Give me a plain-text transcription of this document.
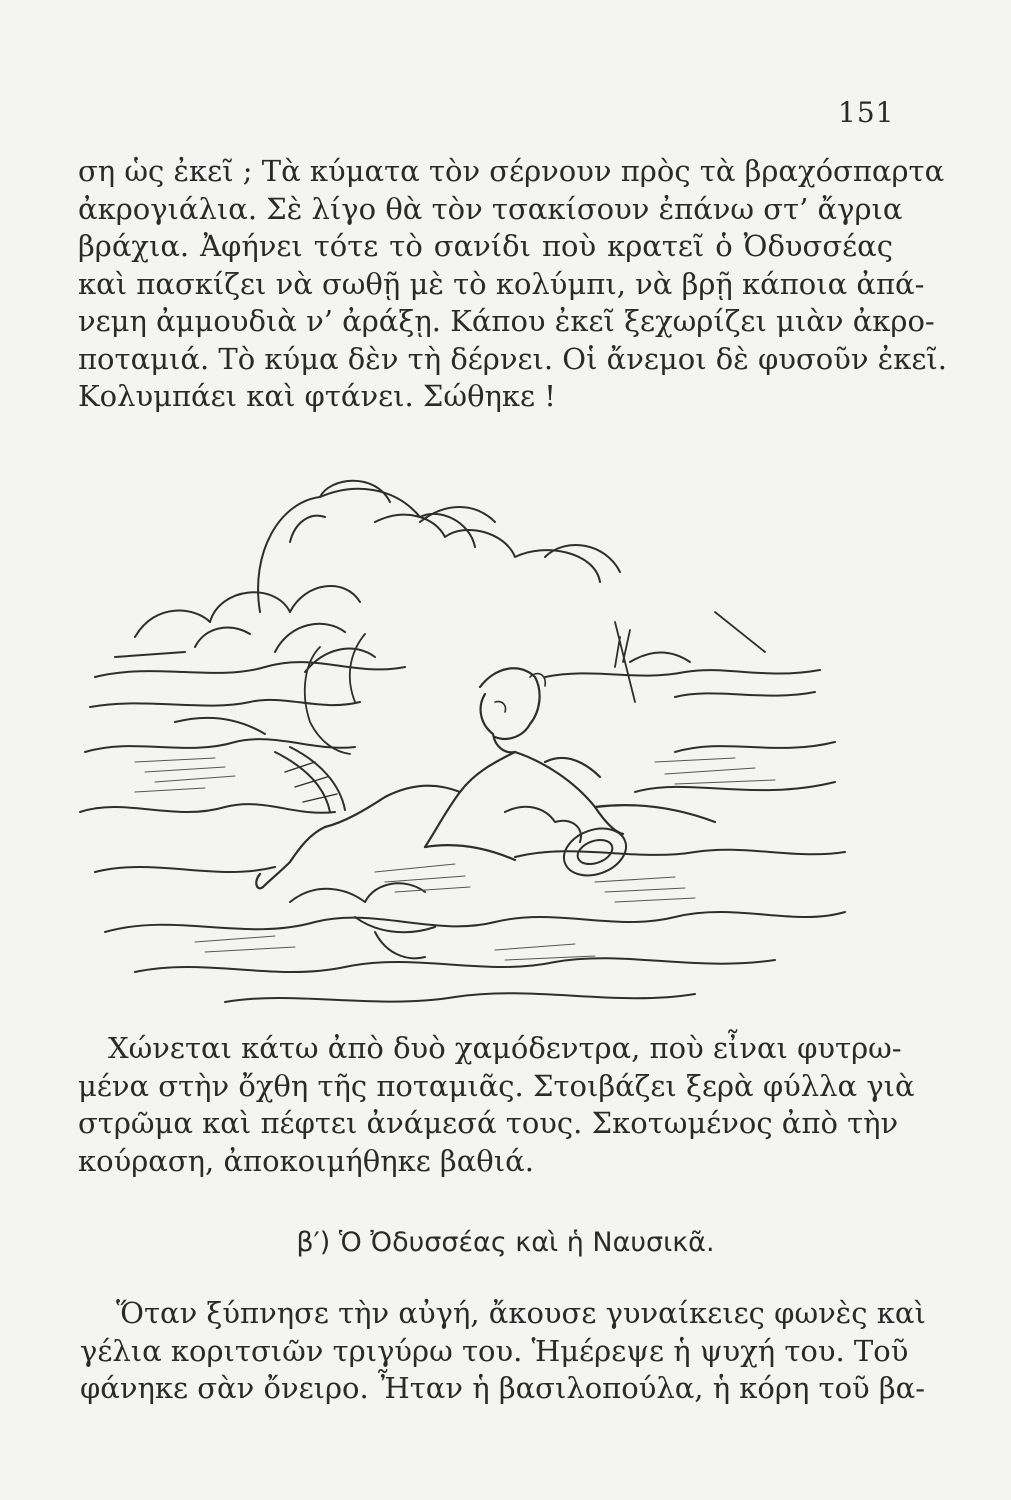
151

ση ὡς ἐκεῖ ; Τὰ κύματα τὸν σέρνουν πρὸς τὰ βραχόσπαρτα
ἀκρογιάλια. Σὲ λίγο θὰ τὸν τσακίσουν ἐπάνω στ’ ἄγρια
βράχια. Ἀφήνει τότε τὸ σανίδι ποὺ κρατεῖ ὁ Ὀδυσσέας
καὶ πασκίζει νὰ σωθῇ μὲ τὸ κολύμπι, νὰ βρῇ κάποια ἀπά-
νεμη ἀμμουδιὰ ν’ ἀράξῃ. Κάπου ἐκεῖ ξεχωρίζει μιὰν ἀκρο-
ποταμιά. Τὸ κύμα δὲν τὴ δέρνει. Οἱ ἄνεμοι δὲ φυσοῦν ἐκεῖ.
Κολυμπάει καὶ φτάνει. Σώθηκε !

Χώνεται κάτω ἀπὸ δυὸ χαμόδεντρα, ποὺ εἶναι φυτρω-
μένα στὴν ὄχθη τῆς ποταμιᾶς. Στοιβάζει ξερὰ φύλλα γιὰ
στρῶμα καὶ πέφτει ἀνάμεσά τους. Σκοτωμένος ἀπὸ τὴν
κούραση, ἀποκοιμήθηκε βαθιά.

β′) Ὁ Ὀδυσσέας καὶ ἡ Ναυσικᾶ.

Ὅταν ξύπνησε τὴν αὐγή, ἄκουσε γυναίκειες φωνὲς καὶ
γέλια κοριτσιῶν τριγύρω του. Ἡμέρεψε ἡ ψυχή του. Τοῦ
φάνηκε σὰν ὄνειρο. Ἦταν ἡ βασιλοπούλα, ἡ κόρη τοῦ βα-
